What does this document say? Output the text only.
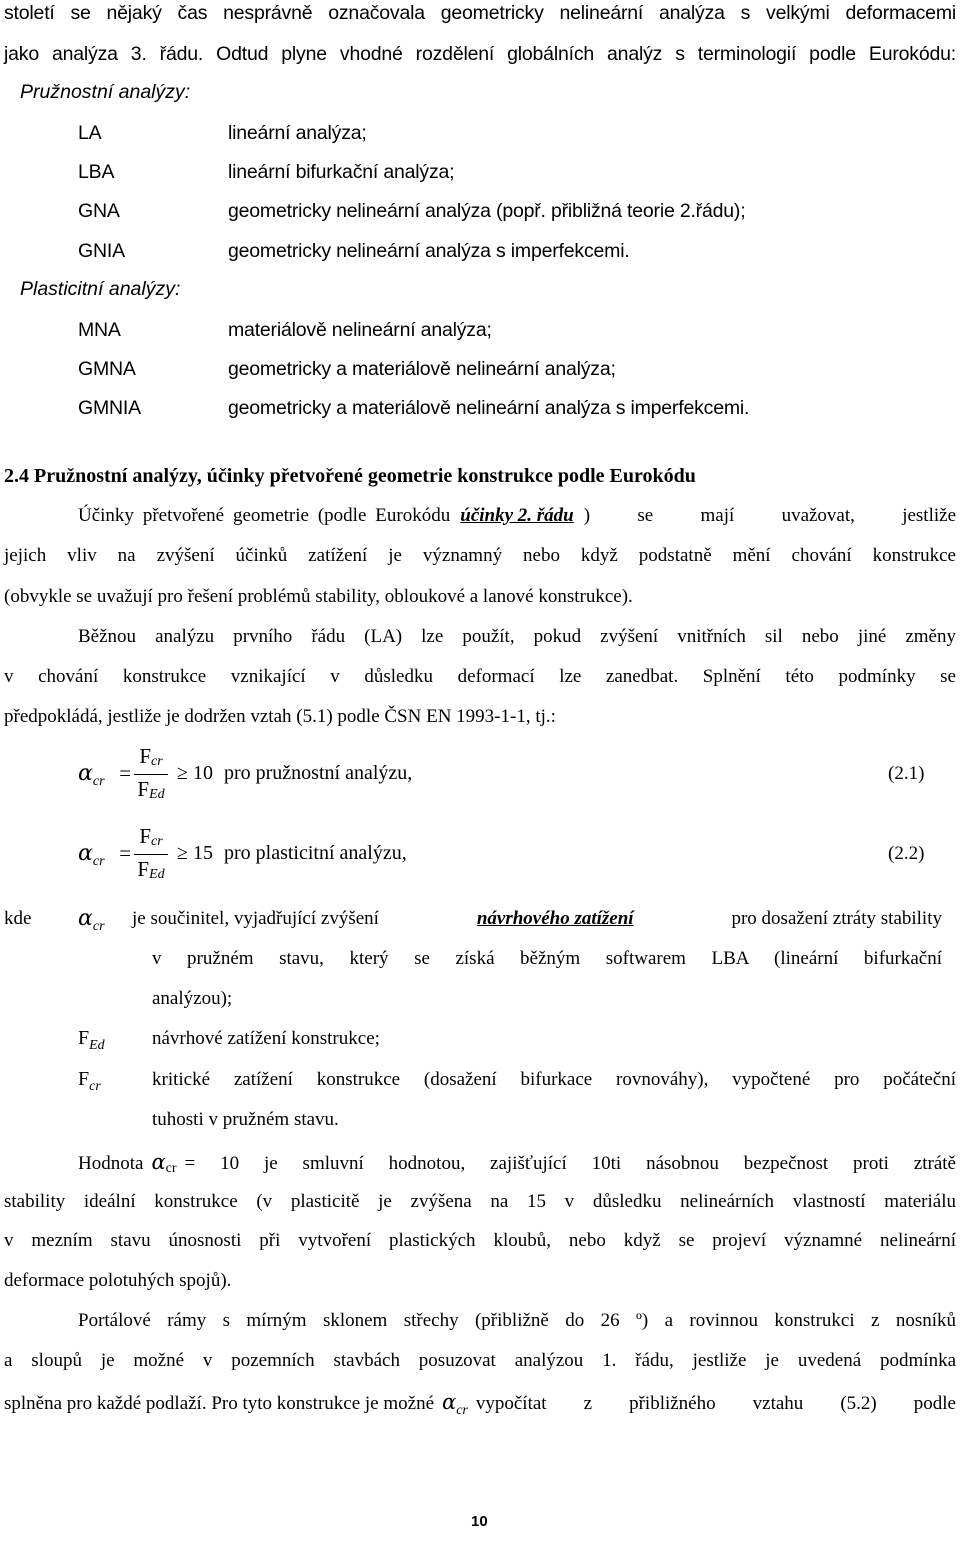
století se nějaký čas nesprávně označovala geometricky nelineární analýza s velkými deformacemi
jako analýza 3. řádu. Odtud plyne vhodné rozdělení globálních analýz s terminologií podle Eurokódu:
Pružnostní analýzy:
LA	lineární analýza;
LBA	lineární bifurkační analýza;
GNA	geometricky nelineární analýza (popř. přibližná teorie 2.řádu);
GNIA	geometricky nelineární analýza s imperfekcemi.
Plasticitní analýzy:
MNA	materiálově nelineární analýza;
GMNA	geometricky a materiálově nelineární analýza;
GMNIA	geometricky a materiálově nelineární analýza s imperfekcemi.
2.4 Pružnostní analýzy, účinky přetvořené geometrie konstrukce podle Eurokódu
Účinky přetvořené geometrie (podle Eurokódu účinky 2. řádu ) se mají uvažovat, jestliže
jejich vliv na zvýšení účinků zatížení je významný nebo když podstatně mění chování konstrukce
(obvykle se uvažují pro řešení problémů stability, obloukové a lanové konstrukce).
Běžnou analýzu prvního řádu (LA) lze použít, pokud zvýšení vnitřních sil nebo jiné změny
v chování konstrukce vznikající v důsledku deformací lze zanedbat. Splnění této podmínky se
předpokládá, jestliže je dodržen vztah (5.1) podle ČSN EN 1993-1-1, tj.:
$\alpha_{cr}$ =
Fcr
FEd
≥ 10 pro pružnostní analýzu,	(2.1)
$\alpha_{cr}$ =
Fcr
FEd
≥ 15 pro plasticitní analýzu,	(2.2)
kde $\alpha_{cr}$ je součinitel, vyjadřující zvýšení	návrhového zatížení	pro dosažení ztráty stability
v pružném stavu, který se získá běžným softwarem LBA (lineární bifurkační
analýzou);
$F_{Ed}$ návrhové zatížení konstrukce;
$F_{cr}$	kritické zatížení konstrukce (dosažení bifurkace rovnováhy), vypočtené pro počáteční
tuhosti v pružném stavu.
Hodnota αcr = 10 je smluvní hodnotou, zajišťující 10ti násobnou bezpečnost proti ztrátě
stability ideální konstrukce (v plasticitě je zvýšena na 15 v důsledku nelineárních vlastností materiálu
v mezním stavu únosnosti při vytvoření plastických kloubů, nebo když se projeví významné nelineární
deformace polotuhých spojů).
Portálové rámy s mírným sklonem střechy (přibližně do 26 º) a rovinnou konstrukci z nosníků
a sloupů je možné v pozemních stavbách posuzovat analýzou 1. řádu, jestliže je uvedená podmínka
splněna pro každé podlaží. Pro tyto konstrukce je možné $\alpha_{cr}$ vypočítat z přibližného vztahu (5.2) podle
10
